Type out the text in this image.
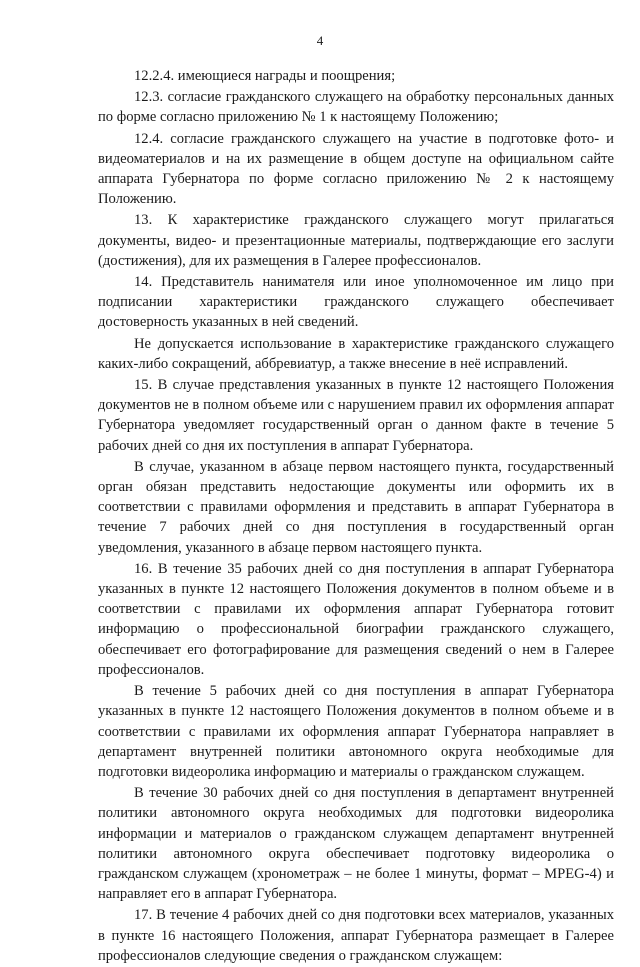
4

12.2.4. имеющиеся награды и поощрения;

12.3. согласие гражданского служащего на обработку персональных данных по форме согласно приложению № 1 к настоящему Положению;

12.4. согласие гражданского служащего на участие в подготовке фото- и видеоматериалов и на их размещение в общем доступе на официальном сайте аппарата Губернатора по форме согласно приложению № 2 к настоящему Положению.

13. К характеристике гражданского служащего могут прилагаться документы, видео- и презентационные материалы, подтверждающие его заслуги (достижения), для их размещения в Галерее профессионалов.

14. Представитель нанимателя или иное уполномоченное им лицо при подписании характеристики гражданского служащего обеспечивает достоверность указанных в ней сведений.

Не допускается использование в характеристике гражданского служащего каких-либо сокращений, аббревиатур, а также внесение в неё исправлений.

15. В случае представления указанных в пункте 12 настоящего Положения документов не в полном объеме или с нарушением правил их оформления аппарат Губернатора уведомляет государственный орган о данном факте в течение 5 рабочих дней со дня их поступления в аппарат Губернатора.

В случае, указанном в абзаце первом настоящего пункта, государственный орган обязан представить недостающие документы или оформить их в соответствии с правилами оформления и представить в аппарат Губернатора в течение 7 рабочих дней со дня поступления в государственный орган уведомления, указанного в абзаце первом настоящего пункта.

16. В течение 35 рабочих дней со дня поступления в аппарат Губернатора указанных в пункте 12 настоящего Положения документов в полном объеме и в соответствии с правилами их оформления аппарат Губернатора готовит информацию о профессиональной биографии гражданского служащего, обеспечивает его фотографирование для размещения сведений о нем в Галерее профессионалов.

В течение 5 рабочих дней со дня поступления в аппарат Губернатора указанных в пункте 12 настоящего Положения документов в полном объеме и в соответствии с правилами их оформления аппарат Губернатора направляет в департамент внутренней политики автономного округа необходимые для подготовки видеоролика информацию и материалы о гражданском служащем.

В течение 30 рабочих дней со дня поступления в департамент внутренней политики автономного округа необходимых для подготовки видеоролика информации и материалов о гражданском служащем департамент внутренней политики автономного округа обеспечивает подготовку видеоролика о гражданском служащем (хронометраж – не более 1 минуты, формат – MPEG-4) и направляет его в аппарат Губернатора.

17. В течение 4 рабочих дней со дня подготовки всех материалов, указанных в пункте 16 настоящего Положения, аппарат Губернатора размещает в Галерее профессионалов следующие сведения о гражданском служащем:
